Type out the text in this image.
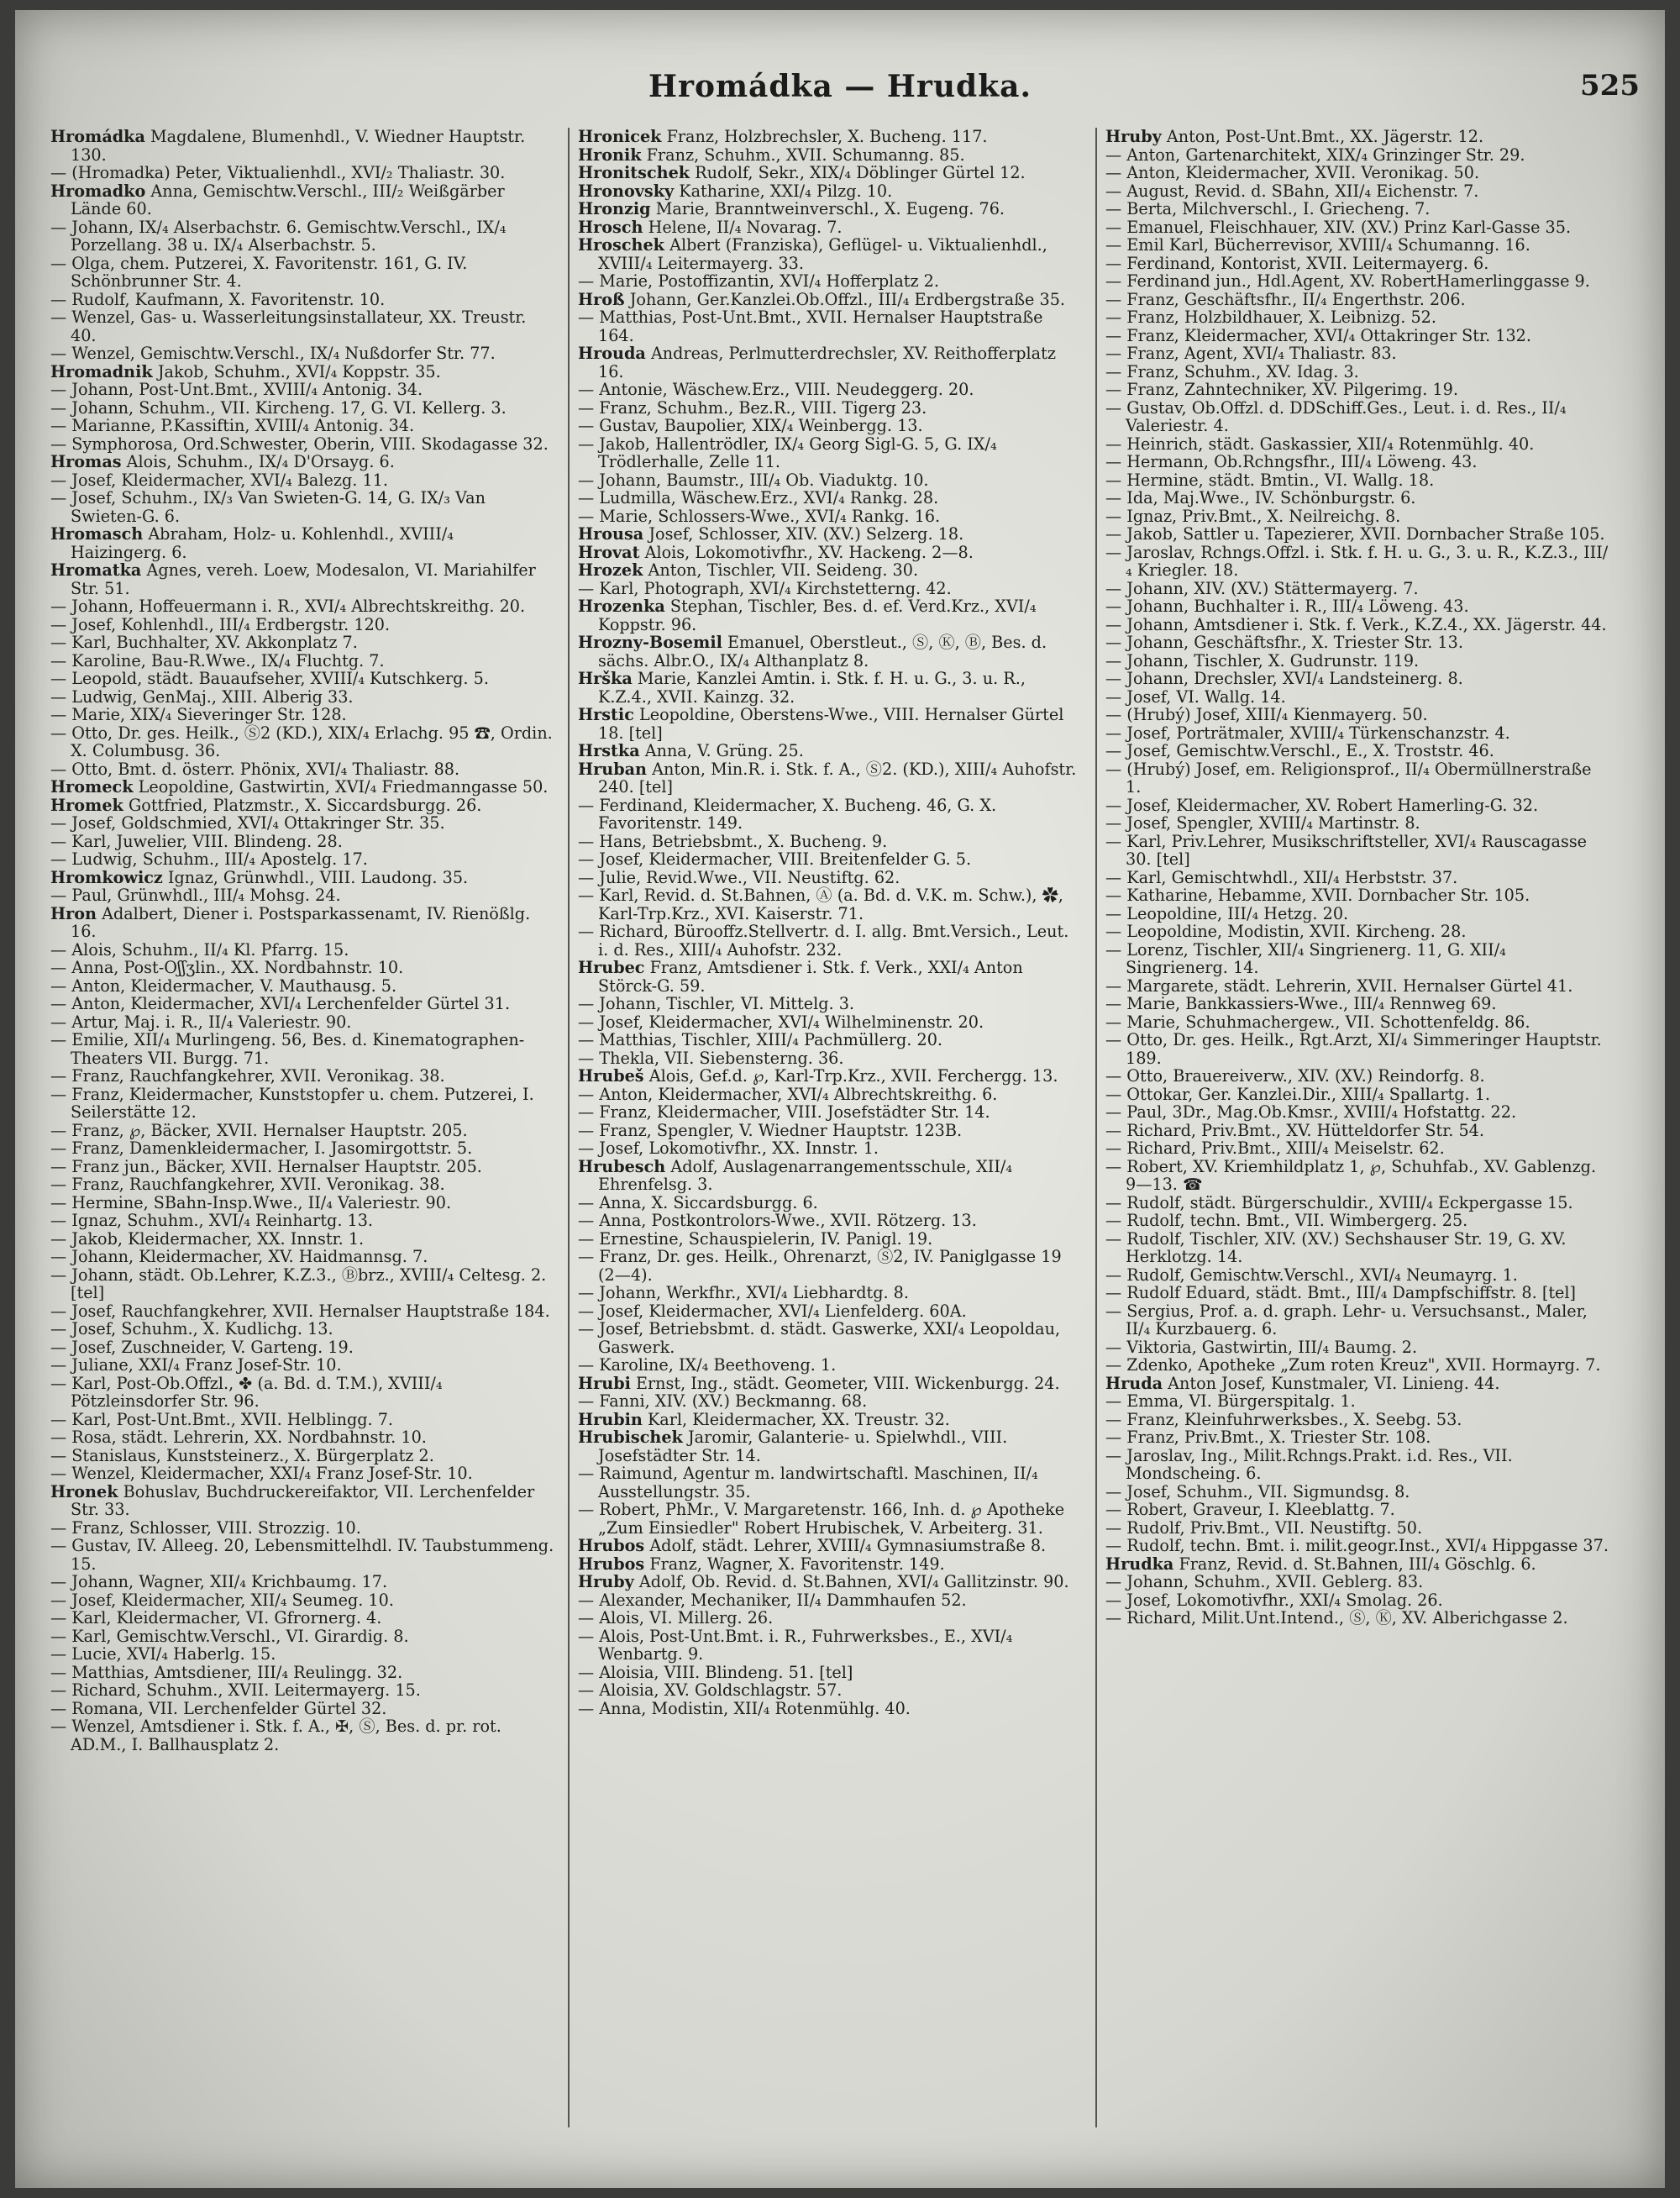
Hromádka — Hrudka.	525

Hromádka Magdalene, Blumenhdl., V. Wiedner Hauptstr. 130.

— (Hromadka) Peter, Viktualienhdl., XVI/₂ Thaliastr. 30.

Hromadko Anna, Gemischtw.Verschl., III/₂ Weißgärber Lände 60.

— Johann, IX/₄ Alserbachstr. 6. Gemischtw.Verschl., IX/₄ Porzellang. 38 u. IX/₄ Alserbachstr. 5.

— Olga, chem. Putzerei, X. Favoritenstr. 161, G. IV. Schönbrunner Str. 4.

— Rudolf, Kaufmann, X. Favoritenstr. 10.

— Wenzel, Gas- u. Wasserleitungsinstallateur, XX. Treustr. 40.

— Wenzel, Gemischtw.Verschl., IX/₄ Nußdorfer Str. 77.

Hromadnik Jakob, Schuhm., XVI/₄ Koppstr. 35.

— Johann, Post-Unt.Bmt., XVIII/₄ Antonig. 34.

— Johann, Schuhm., VII. Kircheng. 17, G. VI. Kellerg. 3.

— Marianne, P.Kassiftin, XVIII/₄ Antonig. 34.

— Symphorosa, Ord.Schwester, Oberin, VIII. Skodagasse 32.

Hromas Alois, Schuhm., IX/₄ D'Orsayg. 6.

— Josef, Kleidermacher, XVI/₄ Balezg. 11.

— Josef, Schuhm., IX/₃ Van Swieten-G. 14, G. IX/₃ Van Swieten-G. 6.

Hromasch Abraham, Holz- u. Kohlenhdl., XVIII/₄ Haizingerg. 6.

Hromatka Agnes, vereh. Loew, Modesalon, VI. Mariahilfer Str. 51.

— Johann, Hoffeuermann i. R., XVI/₄ Albrechtskreithg. 20.

— Josef, Kohlenhdl., III/₄ Erdbergstr. 120.

— Karl, Buchhalter, XV. Akkonplatz 7.

— Karoline, Bau-R.Wwe., IX/₄ Fluchtg. 7.

— Leopold, städt. Bauaufseher, XVIII/₄ Kutschkerg. 5.

— Ludwig, GenMaj., XIII. Alberig 33.

— Marie, XIX/₄ Sieveringer Str. 128.

— Otto, Dr. ges. Heilk., Ⓢ2 (KD.), XIX/₄ Erlachg. 95 ☎, Ordin. X. Columbusg. 36.

— Otto, Bmt. d. österr. Phönix, XVI/₄ Thaliastr. 88.

Hromeck Leopoldine, Gastwirtin, XVI/₄ Friedmanngasse 50.

Hromek Gottfried, Platzmstr., X. Siccardsburgg. 26.

— Josef, Goldschmied, XVI/₄ Ottakringer Str. 35.

— Karl, Juwelier, VIII. Blindeng. 28.

— Ludwig, Schuhm., III/₄ Apostelg. 17.

Hromkowicz Ignaz, Grünwhdl., VIII. Laudong. 35.

— Paul, Grünwhdl., III/₄ Mohsg. 24.

Hron Adalbert, Diener i. Postsparkassenamt, IV. Rienößlg. 16.

— Alois, Schuhm., II/₄ Kl. Pfarrg. 15.

— Anna, Post-Oʃʃʒlin., XX. Nordbahnstr. 10.

— Anton, Kleidermacher, V. Mauthausg. 5.

— Anton, Kleidermacher, XVI/₄ Lerchenfelder Gürtel 31.

— Artur, Maj. i. R., II/₄ Valeriestr. 90.

— Emilie, XII/₄ Murlingeng. 56, Bes. d. Kinematographen-Theaters VII. Burgg. 71.

— Franz, Rauchfangkehrer, XVII. Veronikag. 38.

— Franz, Kleidermacher, Kunststopfer u. chem. Putzerei, I. Seilerstätte 12.

— Franz, ℘, Bäcker, XVII. Hernalser Hauptstr. 205.

— Franz, Damenkleidermacher, I. Jasomirgottstr. 5.

— Franz jun., Bäcker, XVII. Hernalser Hauptstr. 205.

— Franz, Rauchfangkehrer, XVII. Veronikag. 38.

— Hermine, SBahn-Insp.Wwe., II/₄ Valeriestr. 90.

— Ignaz, Schuhm., XVI/₄ Reinhartg. 13.

— Jakob, Kleidermacher, XX. Innstr. 1.

— Johann, Kleidermacher, XV. Haidmannsg. 7.

— Johann, städt. Ob.Lehrer, K.Z.3., Ⓑbrz., XVIII/₄ Celtesg. 2. [tel]

— Josef, Rauchfangkehrer, XVII. Hernalser Hauptstraße 184.

— Josef, Schuhm., X. Kudlichg. 13.

— Josef, Zuschneider, V. Garteng. 19.

— Juliane, XXI/₄ Franz Josef-Str. 10.

— Karl, Post-Ob.Offzl., ✤ (a. Bd. d. T.M.), XVIII/₄ Pötzleinsdorfer Str. 96.

— Karl, Post-Unt.Bmt., XVII. Helblingg. 7.

— Rosa, städt. Lehrerin, XX. Nordbahnstr. 10.

— Stanislaus, Kunststeinerz., X. Bürgerplatz 2.

— Wenzel, Kleidermacher, XXI/₄ Franz Josef-Str. 10.

Hronek Bohuslav, Buchdruckereifaktor, VII. Lerchenfelder Str. 33.

— Franz, Schlosser, VIII. Strozzig. 10.

— Gustav, IV. Alleeg. 20, Lebensmittelhdl. IV. Taubstummeng. 15.

— Johann, Wagner, XII/₄ Krichbaumg. 17.

— Josef, Kleidermacher, XII/₄ Seumeg. 10.

— Karl, Kleidermacher, VI. Gfrornerg. 4.

— Karl, Gemischtw.Verschl., VI. Girardig. 8.

— Lucie, XVI/₄ Haberlg. 15.

— Matthias, Amtsdiener, III/₄ Reulingg. 32.

— Richard, Schuhm., XVII. Leitermayerg. 15.

— Romana, VII. Lerchenfelder Gürtel 32.

— Wenzel, Amtsdiener i. Stk. f. A., ✠, Ⓢ, Bes. d. pr. rot. AD.M., I. Ballhausplatz 2.

Hronicek Franz, Holzbrechsler, X. Bucheng. 117.

Hronik Franz, Schuhm., XVII. Schumanng. 85.

Hronitschek Rudolf, Sekr., XIX/₄ Döblinger Gürtel 12.

Hronovsky Katharine, XXI/₄ Pilzg. 10.

Hronzig Marie, Branntweinverschl., X. Eugeng. 76.

Hrosch Helene, II/₄ Novarag. 7.

Hroschek Albert (Franziska), Geflügel- u. Viktualienhdl., XVIII/₄ Leitermayerg. 33.

— Marie, Postoffizantin, XVI/₄ Hofferplatz 2.

Hroß Johann, Ger.Kanzlei.Ob.Offzl., III/₄ Erdbergstraße 35.

— Matthias, Post-Unt.Bmt., XVII. Hernalser Hauptstraße 164.

Hrouda Andreas, Perlmutterdrechsler, XV. Reithofferplatz 16.

— Antonie, Wäschew.Erz., VIII. Neudeggerg. 20.

— Franz, Schuhm., Bez.R., VIII. Tigerg 23.

— Gustav, Baupolier, XIX/₄ Weinbergg. 13.

— Jakob, Hallentrödler, IX/₄ Georg Sigl-G. 5, G. IX/₄ Trödlerhalle, Zelle 11.

— Johann, Baumstr., III/₄ Ob. Viaduktg. 10.

— Ludmilla, Wäschew.Erz., XVI/₄ Rankg. 28.

— Marie, Schlossers-Wwe., XVI/₄ Rankg. 16.

Hrousa Josef, Schlosser, XIV. (XV.) Selzerg. 18.

Hrovat Alois, Lokomotivfhr., XV. Hackeng. 2—8.

Hrozek Anton, Tischler, VII. Seideng. 30.

— Karl, Photograph, XVI/₄ Kirchstetterng. 42.

Hrozenka Stephan, Tischler, Bes. d. ef. Verd.Krz., XVI/₄ Koppstr. 96.

Hrozny-Bosemil Emanuel, Oberstleut., Ⓢ, Ⓚ, Ⓑ, Bes. d. sächs. Albr.O., IX/₄ Althanplatz 8.

Hrška Marie, Kanzlei Amtin. i. Stk. f. H. u. G., 3. u. R., K.Z.4., XVII. Kainzg. 32.

Hrstic Leopoldine, Oberstens-Wwe., VIII. Hernalser Gürtel 18. [tel]

Hrstka Anna, V. Grüng. 25.

Hruban Anton, Min.R. i. Stk. f. A., Ⓢ2. (KD.), XIII/₄ Auhofstr. 240. [tel]

— Ferdinand, Kleidermacher, X. Bucheng. 46, G. X. Favoritenstr. 149.

— Hans, Betriebsbmt., X. Bucheng. 9.

— Josef, Kleidermacher, VIII. Breitenfelder G. 5.

— Julie, Revid.Wwe., VII. Neustiftg. 62.

— Karl, Revid. d. St.Bahnen, Ⓐ (a. Bd. d. V.K. m. Schw.), ✿, Karl-Trp.Krz., XVI. Kaiserstr. 71.

— Richard, Bürooffz.Stellvertr. d. I. allg. Bmt.Versich., Leut. i. d. Res., XIII/₄ Auhofstr. 232.

Hrubec Franz, Amtsdiener i. Stk. f. Verk., XXI/₄ Anton Störck-G. 59.

— Johann, Tischler, VI. Mittelg. 3.

— Josef, Kleidermacher, XVI/₄ Wilhelminenstr. 20.

— Matthias, Tischler, XIII/₄ Pachmüllerg. 20.

— Thekla, VII. Siebensterng. 36.

Hrubeš Alois, Gef.d. ℘, Karl-Trp.Krz., XVII. Ferchergg. 13.

— Anton, Kleidermacher, XVI/₄ Albrechtskreithg. 6.

— Franz, Kleidermacher, VIII. Josefstädter Str. 14.

— Franz, Spengler, V. Wiedner Hauptstr. 123B.

— Josef, Lokomotivfhr., XX. Innstr. 1.

Hrubesch Adolf, Auslagenarrangementsschule, XII/₄ Ehrenfelsg. 3.

— Anna, X. Siccardsburgg. 6.

— Anna, Postkontrolors-Wwe., XVII. Rötzerg. 13.

— Ernestine, Schauspielerin, IV. Panigl. 19.

— Franz, Dr. ges. Heilk., Ohrenarzt, Ⓢ2, IV. Paniglgasse 19 (2—4).

— Johann, Werkfhr., XVI/₄ Liebhardtg. 8.

— Josef, Kleidermacher, XVI/₄ Lienfelderg. 60A.

— Josef, Betriebsbmt. d. städt. Gaswerke, XXI/₄ Leopoldau, Gaswerk.

— Karoline, IX/₄ Beethoveng. 1.

Hrubi Ernst, Ing., städt. Geometer, VIII. Wickenburgg. 24.

— Fanni, XIV. (XV.) Beckmanng. 68.

Hrubin Karl, Kleidermacher, XX. Treustr. 32.

Hrubischek Jaromir, Galanterie- u. Spielwhdl., VIII. Josefstädter Str. 14.

— Raimund, Agentur m. landwirtschaftl. Maschinen, II/₄ Ausstellungstr. 35.

— Robert, PhMr., V. Margaretenstr. 166, Inh. d. ℘ Apotheke „Zum Einsiedler" Robert Hrubischek, V. Arbeiterg. 31.

Hrubos Adolf, städt. Lehrer, XVIII/₄ Gymnasiumstraße 8.

Hrubos Franz, Wagner, X. Favoritenstr. 149.

Hruby Adolf, Ob. Revid. d. St.Bahnen, XVI/₄ Gallitzinstr. 90.

— Alexander, Mechaniker, II/₄ Dammhaufen 52.

— Alois, VI. Millerg. 26.

— Alois, Post-Unt.Bmt. i. R., Fuhrwerksbes., E., XVI/₄ Wenbartg. 9.

— Aloisia, VIII. Blindeng. 51. [tel]

— Aloisia, XV. Goldschlagstr. 57.

— Anna, Modistin, XII/₄ Rotenmühlg. 40.

Hruby Anton, Post-Unt.Bmt., XX. Jägerstr. 12.

— Anton, Gartenarchitekt, XIX/₄ Grinzinger Str. 29.

— Anton, Kleidermacher, XVII. Veronikag. 50.

— August, Revid. d. SBahn, XII/₄ Eichenstr. 7.

— Berta, Milchverschl., I. Griecheng. 7.

— Emanuel, Fleischhauer, XIV. (XV.) Prinz Karl-Gasse 35.

— Emil Karl, Bücherrevisor, XVIII/₄ Schumanng. 16.

— Ferdinand, Kontorist, XVII. Leitermayerg. 6.

— Ferdinand jun., Hdl.Agent, XV. RobertHamerlinggasse 9.

— Franz, Geschäftsfhr., II/₄ Engerthstr. 206.

— Franz, Holzbildhauer, X. Leibnizg. 52.

— Franz, Kleidermacher, XVI/₄ Ottakringer Str. 132.

— Franz, Agent, XVI/₄ Thaliastr. 83.

— Franz, Schuhm., XV. Idag. 3.

— Franz, Zahntechniker, XV. Pilgerimg. 19.

— Gustav, Ob.Offzl. d. DDSchiff.Ges., Leut. i. d. Res., II/₄ Valeriestr. 4.

— Heinrich, städt. Gaskassier, XII/₄ Rotenmühlg. 40.

— Hermann, Ob.Rchngsfhr., III/₄ Löweng. 43.

— Hermine, städt. Bmtin., VI. Wallg. 18.

— Ida, Maj.Wwe., IV. Schönburgstr. 6.

— Ignaz, Priv.Bmt., X. Neilreichg. 8.

— Jakob, Sattler u. Tapezierer, XVII. Dornbacher Straße 105.

— Jaroslav, Rchngs.Offzl. i. Stk. f. H. u. G., 3. u. R., K.Z.3., III/₄ Kriegler. 18.

— Johann, XIV. (XV.) Stättermayerg. 7.

— Johann, Buchhalter i. R., III/₄ Löweng. 43.

— Johann, Amtsdiener i. Stk. f. Verk., K.Z.4., XX. Jägerstr. 44.

— Johann, Geschäftsfhr., X. Triester Str. 13.

— Johann, Tischler, X. Gudrunstr. 119.

— Johann, Drechsler, XVI/₄ Landsteinerg. 8.

— Josef, VI. Wallg. 14.

— (Hrubý) Josef, XIII/₄ Kienmayerg. 50.

— Josef, Porträtmaler, XVIII/₄ Türkenschanzstr. 4.

— Josef, Gemischtw.Verschl., E., X. Troststr. 46.

— (Hrubý) Josef, em. Religionsprof., II/₄ Obermüllnerstraße 1.

— Josef, Kleidermacher, XV. Robert Hamerling-G. 32.

— Josef, Spengler, XVIII/₄ Martinstr. 8.

— Karl, Priv.Lehrer, Musikschriftsteller, XVI/₄ Rauscagasse 30. [tel]

— Karl, Gemischtwhdl., XII/₄ Herbststr. 37.

— Katharine, Hebamme, XVII. Dornbacher Str. 105.

— Leopoldine, III/₄ Hetzg. 20.

— Leopoldine, Modistin, XVII. Kircheng. 28.

— Lorenz, Tischler, XII/₄ Singrienerg. 11, G. XII/₄ Singrienerg. 14.

— Margarete, städt. Lehrerin, XVII. Hernalser Gürtel 41.

— Marie, Bankkassiers-Wwe., III/₄ Rennweg 69.

— Marie, Schuhmachergew., VII. Schottenfeldg. 86.

— Otto, Dr. ges. Heilk., Rgt.Arzt, XI/₄ Simmeringer Hauptstr. 189.

— Otto, Brauereiverw., XIV. (XV.) Reindorfg. 8.

— Ottokar, Ger. Kanzlei.Dir., XIII/₄ Spallartg. 1.

— Paul, 3Dr., Mag.Ob.Kmsr., XVIII/₄ Hofstattg. 22.

— Richard, Priv.Bmt., XV. Hütteldorfer Str. 54.

— Richard, Priv.Bmt., XIII/₄ Meiselstr. 62.

— Robert, XV. Kriemhildplatz 1, ℘, Schuhfab., XV. Gablenzg. 9—13. ☎

— Rudolf, städt. Bürgerschuldir., XVIII/₄ Eckpergasse 15.

— Rudolf, techn. Bmt., VII. Wimbergerg. 25.

— Rudolf, Tischler, XIV. (XV.) Sechshauser Str. 19, G. XV. Herklotzg. 14.

— Rudolf, Gemischtw.Verschl., XVI/₄ Neumayrg. 1.

— Rudolf Eduard, städt. Bmt., III/₄ Dampfschiffstr. 8. [tel]

— Sergius, Prof. a. d. graph. Lehr- u. Versuchsanst., Maler, II/₄ Kurzbauerg. 6.

— Viktoria, Gastwirtin, III/₄ Baumg. 2.

— Zdenko, Apotheke „Zum roten Kreuz", XVII. Hormayrg. 7.

Hruda Anton Josef, Kunstmaler, VI. Linieng. 44.

— Emma, VI. Bürgerspitalg. 1.

— Franz, Kleinfuhrwerksbes., X. Seebg. 53.

— Franz, Priv.Bmt., X. Triester Str. 108.

— Jaroslav, Ing., Milit.Rchngs.Prakt. i.d. Res., VII. Mondscheing. 6.

— Josef, Schuhm., VII. Sigmundsg. 8.

— Robert, Graveur, I. Kleeblattg. 7.

— Rudolf, Priv.Bmt., VII. Neustiftg. 50.

— Rudolf, techn. Bmt. i. milit.geogr.Inst., XVI/₄ Hippgasse 37.

Hrudka Franz, Revid. d. St.Bahnen, III/₄ Göschlg. 6.

— Johann, Schuhm., XVII. Geblerg. 83.

— Josef, Lokomotivfhr., XXI/₄ Smolag. 26.

— Richard, Milit.Unt.Intend., Ⓢ, Ⓚ, XV. Alberichgasse 2.
